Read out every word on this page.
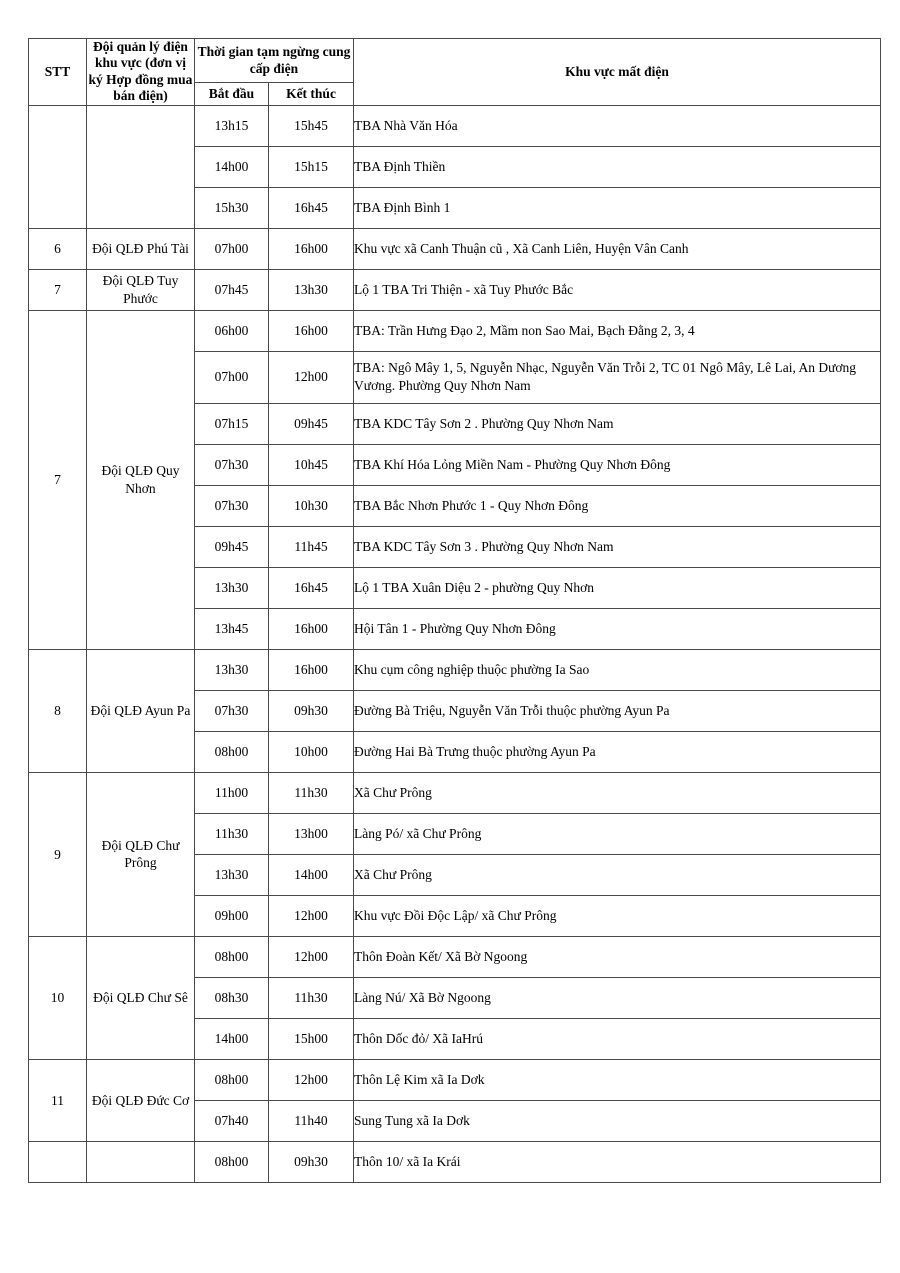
STT	Đội quản lý điện khu vực (đơn vị ký Hợp đồng mua bán điện)	Thời gian tạm ngừng cung cấp điện		Khu vực mất điện
		Bắt đầu	Kết thúc	
		13h15	15h45	TBA Nhà Văn Hóa
		14h00	15h15	TBA Định Thiền
		15h30	16h45	TBA Định Bình 1
6	Đội QLĐ Phú Tài	07h00	16h00	Khu vực xã Canh Thuận cũ , Xã Canh Liên, Huyện Vân Canh
7	Đội QLĐ Tuy Phước	07h45	13h30	Lộ 1 TBA Tri Thiện - xã Tuy Phước Bắc
7	Đội QLĐ Quy Nhơn	06h00	16h00	TBA: Trần Hưng Đạo 2, Mầm non Sao Mai, Bạch Đằng 2, 3, 4
		07h00	12h00	TBA: Ngô Mây 1, 5, Nguyễn Nhạc, Nguyễn Văn Trỗi 2, TC 01 Ngô Mây, Lê Lai, An Dương Vương. Phường Quy Nhơn Nam
		07h15	09h45	TBA KDC Tây Sơn 2 . Phường Quy Nhơn Nam
		07h30	10h45	TBA Khí Hóa Lỏng Miền Nam - Phường Quy Nhơn Đông
		07h30	10h30	TBA Bắc Nhơn Phước 1 - Quy Nhơn Đông
		09h45	11h45	TBA KDC Tây Sơn 3 . Phường Quy Nhơn Nam
		13h30	16h45	Lộ 1 TBA Xuân Diệu 2 - phường Quy Nhơn
		13h45	16h00	Hội Tân 1 - Phường Quy Nhơn Đông
8	Đội QLĐ Ayun Pa	13h30	16h00	Khu cụm công nghiệp thuộc phường Ia Sao
		07h30	09h30	Đường Bà Triệu, Nguyễn Văn Trỗi thuộc phường Ayun Pa
		08h00	10h00	Đường Hai Bà Trưng thuộc phường Ayun Pa
9	Đội QLĐ Chư Prông	11h00	11h30	Xã Chư Prông
		11h30	13h00	Làng Pó/ xã Chư Prông
		13h30	14h00	Xã Chư Prông
		09h00	12h00	Khu vực Đồi Độc Lập/ xã Chư Prông
10	Đội QLĐ Chư Sê	08h00	12h00	Thôn Đoàn Kết/ Xã Bờ Ngoong
		08h30	11h30	Làng Nú/ Xã Bờ Ngoong
		14h00	15h00	Thôn Dốc đỏ/ Xã IaHrú
11	Đội QLĐ Đức Cơ	08h00	12h00	Thôn Lệ Kim xã Ia Dơk
		07h40	11h40	Sung Tung xã Ia Dơk
		08h00	09h30	Thôn 10/ xã Ia Krái
